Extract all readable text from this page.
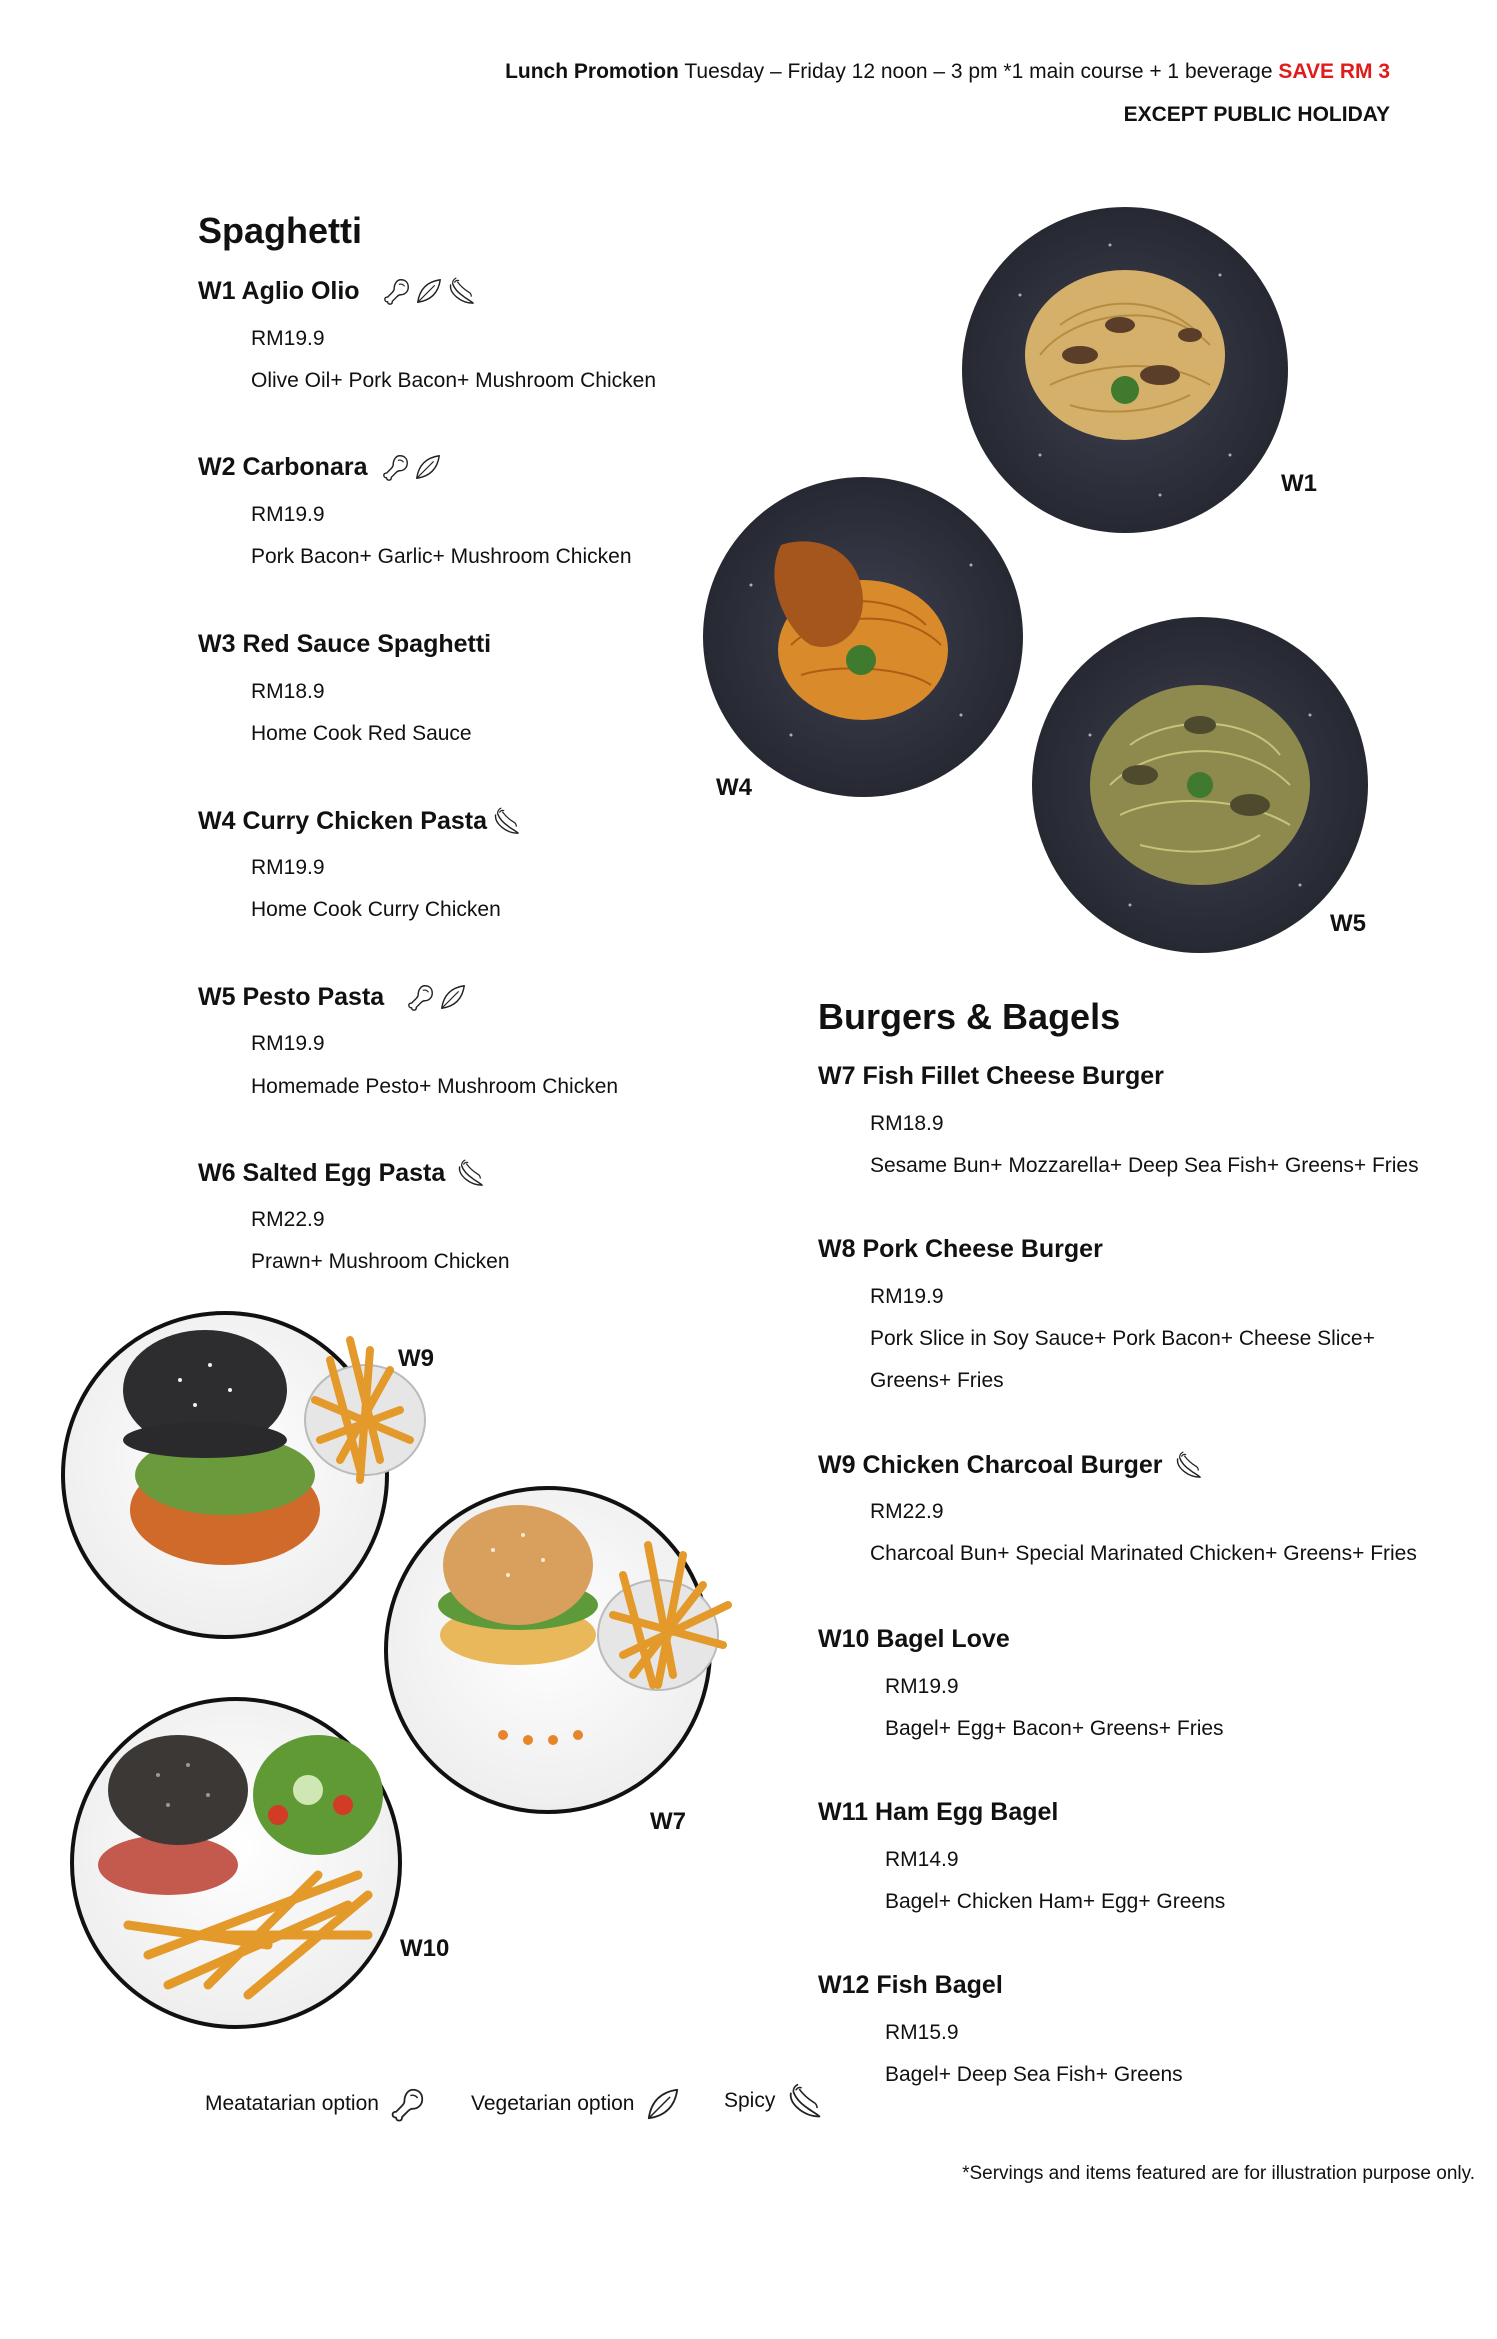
Lunch Promotion Tuesday – Friday 12 noon – 3 pm *1 main course + 1 beverage SAVE RM 3
EXCEPT PUBLIC HOLIDAY
Spaghetti
W1 Aglio Olio
RM19.9
Olive Oil+ Pork Bacon+ Mushroom Chicken
W2 Carbonara
RM19.9
Pork Bacon+ Garlic+ Mushroom Chicken
W3 Red Sauce Spaghetti
RM18.9
Home Cook Red Sauce
W4 Curry Chicken Pasta
RM19.9
Home Cook Curry Chicken
W5 Pesto Pasta
RM19.9
Homemade Pesto+ Mushroom Chicken
W6 Salted Egg Pasta
RM22.9
Prawn+ Mushroom Chicken
W1
W4
W5
Burgers & Bagels
W7 Fish Fillet Cheese Burger
RM18.9
Sesame Bun+ Mozzarella+ Deep Sea Fish+ Greens+ Fries
W8 Pork Cheese Burger
RM19.9
Pork Slice in Soy Sauce+ Pork Bacon+ Cheese Slice+
Greens+ Fries
W9 Chicken Charcoal Burger
RM22.9
Charcoal Bun+ Special Marinated Chicken+ Greens+ Fries
W10 Bagel Love
RM19.9
Bagel+ Egg+ Bacon+ Greens+ Fries
W11 Ham Egg Bagel
RM14.9
Bagel+ Chicken Ham+ Egg+ Greens
W12 Fish Bagel
RM15.9
Bagel+ Deep Sea Fish+ Greens
W9
W7
W10
Meatatarian option	Vegetarian option	Spicy
*Servings and items featured are for illustration purpose only.
